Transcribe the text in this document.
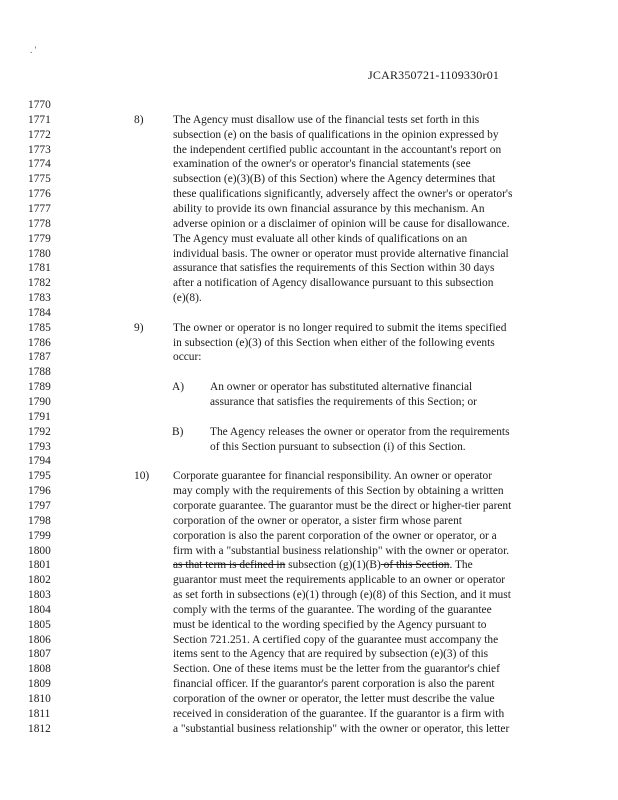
. '
JCAR350721-1109330r01
1770
1771	8)	The Agency must disallow use of the financial tests set forth in this
1772	subsection (e) on the basis of qualifications in the opinion expressed by
1773	the independent certified public accountant in the accountant's report on
1774	examination of the owner's or operator's financial statements (see
1775	subsection (e)(3)(B) of this Section) where the Agency determines that
1776	these qualifications significantly, adversely affect the owner's or operator's
1777	ability to provide its own financial assurance by this mechanism. An
1778	adverse opinion or a disclaimer of opinion will be cause for disallowance.
1779	The Agency must evaluate all other kinds of qualifications on an
1780	individual basis. The owner or operator must provide alternative financial
1781	assurance that satisfies the requirements of this Section within 30 days
1782	after a notification of Agency disallowance pursuant to this subsection
1783	(e)(8).
1784
1785	9)	The owner or operator is no longer required to submit the items specified
1786	in subsection (e)(3) of this Section when either of the following events
1787	occur:
1788
1789	A) An owner or operator has substituted alternative financial
1790	assurance that satisfies the requirements of this Section; or
1791
1792	B) The Agency releases the owner or operator from the requirements
1793	of this Section pursuant to subsection (i) of this Section.
1794
1795	10) Corporate guarantee for financial responsibility. An owner or operator
1796	may comply with the requirements of this Section by obtaining a written
1797	corporate guarantee. The guarantor must be the direct or higher-tier parent
1798	corporation of the owner or operator, a sister firm whose parent
1799	corporation is also the parent corporation of the owner or operator, or a
1800	firm with a "substantial business relationship" with the owner or operator.
1801	as that term is defined in subsection (g)(1)(B) of this Section. The
1802	guarantor must meet the requirements applicable to an owner or operator
1803	as set forth in subsections (e)(1) through (e)(8) of this Section, and it must
1804	comply with the terms of the guarantee. The wording of the guarantee
1805	must be identical to the wording specified by the Agency pursuant to
1806	Section 721.251. A certified copy of the guarantee must accompany the
1807	items sent to the Agency that are required by subsection (e)(3) of this
1808	Section. One of these items must be the letter from the guarantor's chief
1809	financial officer. If the guarantor's parent corporation is also the parent
1810	corporation of the owner or operator, the letter must describe the value
1811	received in consideration of the guarantee. If the guarantor is a firm with
1812	a "substantial business relationship" with the owner or operator, this letter
